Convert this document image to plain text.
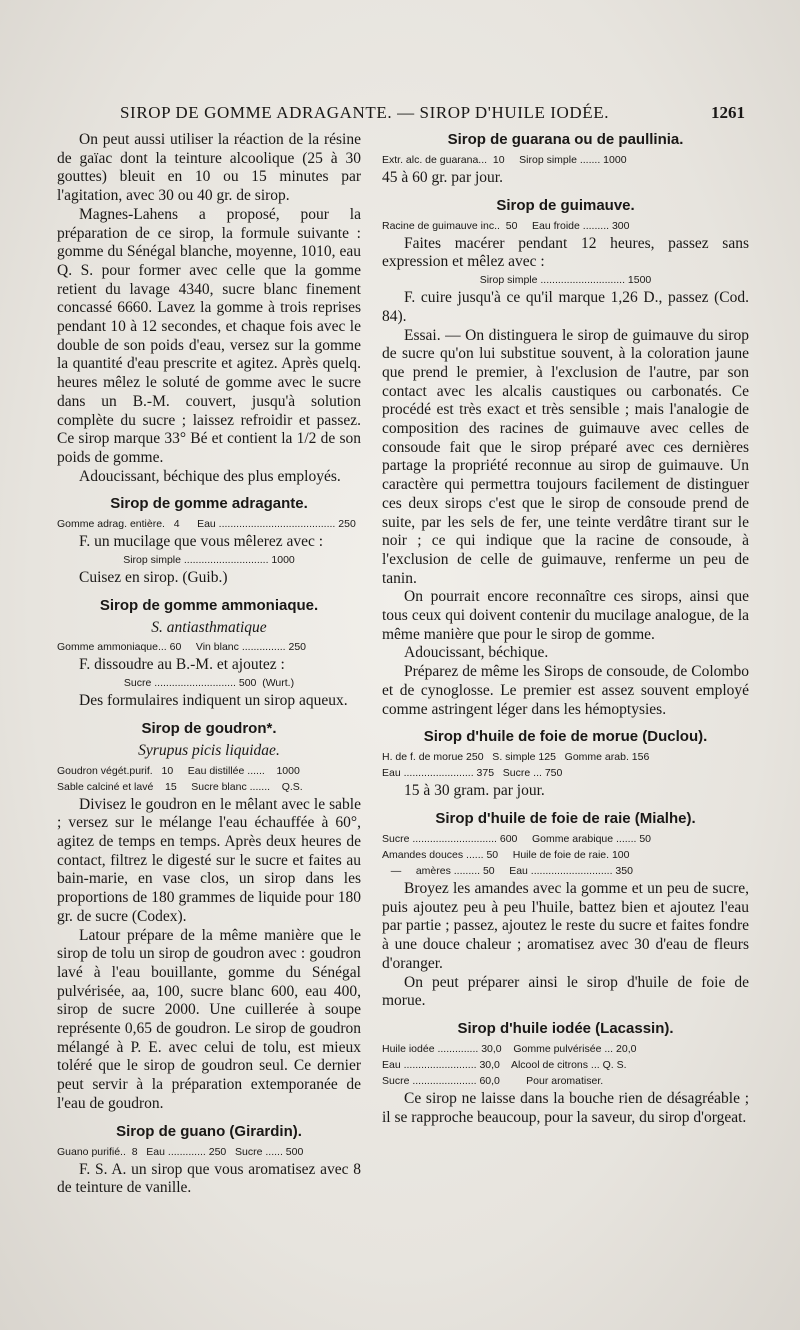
SIROP DE GOMME ADRAGANTE. — SIROP D'HUILE IODÉE.	1261

On peut aussi utiliser la réaction de la résine de gaïac dont la teinture alcoolique (25 à 30 gouttes) bleuit en 10 ou 15 minutes par l'agitation, avec 30 ou 40 gr. de sirop.

Magnes-Lahens a proposé, pour la préparation de ce sirop, la formule suivante : gomme du Sénégal blanche, moyenne, 1010, eau Q. S. pour former avec celle que la gomme retient du lavage 4340, sucre blanc finement concassé 6660. Lavez la gomme à trois reprises pendant 10 à 12 secondes, et chaque fois avec le double de son poids d'eau, versez sur la gomme la quantité d'eau prescrite et agitez. Après quelq. heures mêlez le soluté de gomme avec le sucre dans un B.-M. couvert, jusqu'à solution complète du sucre ; laissez refroidir et passez. Ce sirop marque 33° Bé et contient la 1/2 de son poids de gomme.

Adoucissant, béchique des plus employés.

Sirop de gomme adragante.
Gomme adrag. entière.   4      Eau ........................................ 250

F. un mucilage que vous mêlerez avec :

Sirop simple ............................. 1000

Cuisez en sirop. (Guib.)

Sirop de gomme ammoniaque.
S. antiasthmatique
Gomme ammoniaque... 60     Vin blanc ............... 250

F. dissoudre au B.-M. et ajoutez :

Sucre ............................ 500  (Wurt.)

Des formulaires indiquent un sirop aqueux.

Sirop de goudron*.
Syrupus picis liquidae.
Goudron végét.purif.   10     Eau distillée ......    1000
Sable calciné et lavé    15     Sucre blanc .......    Q.S.

Divisez le goudron en le mêlant avec le sable ; versez sur le mélange l'eau échauffée à 60°, agitez de temps en temps. Après deux heures de contact, filtrez le digesté sur le sucre et faites au bain-marie, en vase clos, un sirop dans les proportions de 180 grammes de liquide pour 180 gr. de sucre (Codex).

Latour prépare de la même manière que le sirop de tolu un sirop de goudron avec : goudron lavé à l'eau bouillante, gomme du Sénégal pulvérisée, aa, 100, sucre blanc 600, eau 400, sirop de sucre 2000. Une cuillerée à soupe représente 0,65 de goudron. Le sirop de goudron mélangé à P. E. avec celui de tolu, est mieux toléré que le sirop de goudron seul. Ce dernier peut servir à la préparation extemporanée de l'eau de goudron.

Sirop de guano (Girardin).
Guano purifié..  8   Eau ............. 250   Sucre ...... 500

F. S. A. un sirop que vous aromatisez avec 8 de teinture de vanille.

Sirop de guarana ou de paullinia.
Extr. alc. de guarana...  10     Sirop simple ....... 1000

45 à 60 gr. par jour.

Sirop de guimauve.
Racine de guimauve inc..  50     Eau froide ......... 300

Faites macérer pendant 12 heures, passez sans expression et mêlez avec :

Sirop simple ............................. 1500

F. cuire jusqu'à ce qu'il marque 1,26 D., passez (Cod. 84).

Essai. — On distinguera le sirop de guimauve du sirop de sucre qu'on lui substitue souvent, à la coloration jaune que prend le premier, à l'exclusion de l'autre, par son contact avec les alcalis caustiques ou carbonatés. Ce procédé est très exact et très sensible ; mais l'analogie de composition des racines de guimauve avec celles de consoude fait que le sirop préparé avec ces dernières partage la propriété reconnue au sirop de guimauve. Un caractère qui permettra toujours facilement de distinguer ces deux sirops c'est que le sirop de consoude prend de suite, par les sels de fer, une teinte verdâtre tirant sur le noir ; ce qui indique que la racine de consoude, à l'exclusion de celle de guimauve, renferme un peu de tanin.

On pourrait encore reconnaître ces sirops, ainsi que tous ceux qui doivent contenir du mucilage analogue, de la même manière que pour le sirop de gomme.

Adoucissant, béchique.

Préparez de même les Sirops de consoude, de Colombo et de cynoglosse. Le premier est assez souvent employé comme astringent léger dans les hémoptysies.

Sirop d'huile de foie de morue (Duclou).
H. de f. de morue 250   S. simple 125   Gomme arab. 156
Eau ........................ 375   Sucre ... 750

15 à 30 gram. par jour.

Sirop d'huile de foie de raie (Mialhe).
Sucre ............................. 600     Gomme arabique ....... 50
Amandes douces ...... 50     Huile de foie de raie. 100
—     amères ......... 50     Eau ............................ 350

Broyez les amandes avec la gomme et un peu de sucre, puis ajoutez peu à peu l'huile, battez bien et ajoutez l'eau par partie ; passez, ajoutez le reste du sucre et faites fondre à une douce chaleur ; aromatisez avec 30 d'eau de fleurs d'oranger.

On peut préparer ainsi le sirop d'huile de foie de morue.

Sirop d'huile iodée (Lacassin).
Huile iodée .............. 30,0    Gomme pulvérisée ... 20,0
Eau ......................... 30,0    Alcool de citrons ... Q. S.
Sucre ...................... 60,0         Pour aromatiser.

Ce sirop ne laisse dans la bouche rien de désagréable ; il se rapproche beaucoup, pour la saveur, du sirop d'orgeat.
